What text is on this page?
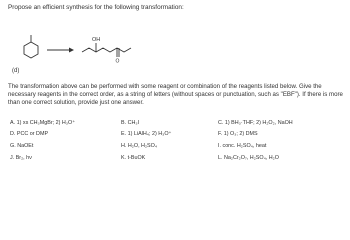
Propose an efficient synthesis for the following transformation:
OH
O
(d)
The transformation above can be performed with some reagent or combination of the reagents listed below. Give the necessary reagents in the correct order, as a string of letters (without spaces or punctuation, such as "EBF"). If there is more than one correct solution, provide just one answer.
A. 1) xs CH₃MgBr; 2) H₃O⁺	B. CH₃I	C. 1) BH₃·THF; 2) H₂O₂, NaOH
D. PCC or DMP	E. 1) LiAlH₄; 2) H₃O⁺	F. 1) O₃; 2) DMS
G. NaOEt	H. H₂O, H₂SO₄	I. conc. H₂SO₄, heat
J. Br₂, hν	K. t-BuOK	L. Na₂Cr₂O₇, H₂SO₄, H₂O
